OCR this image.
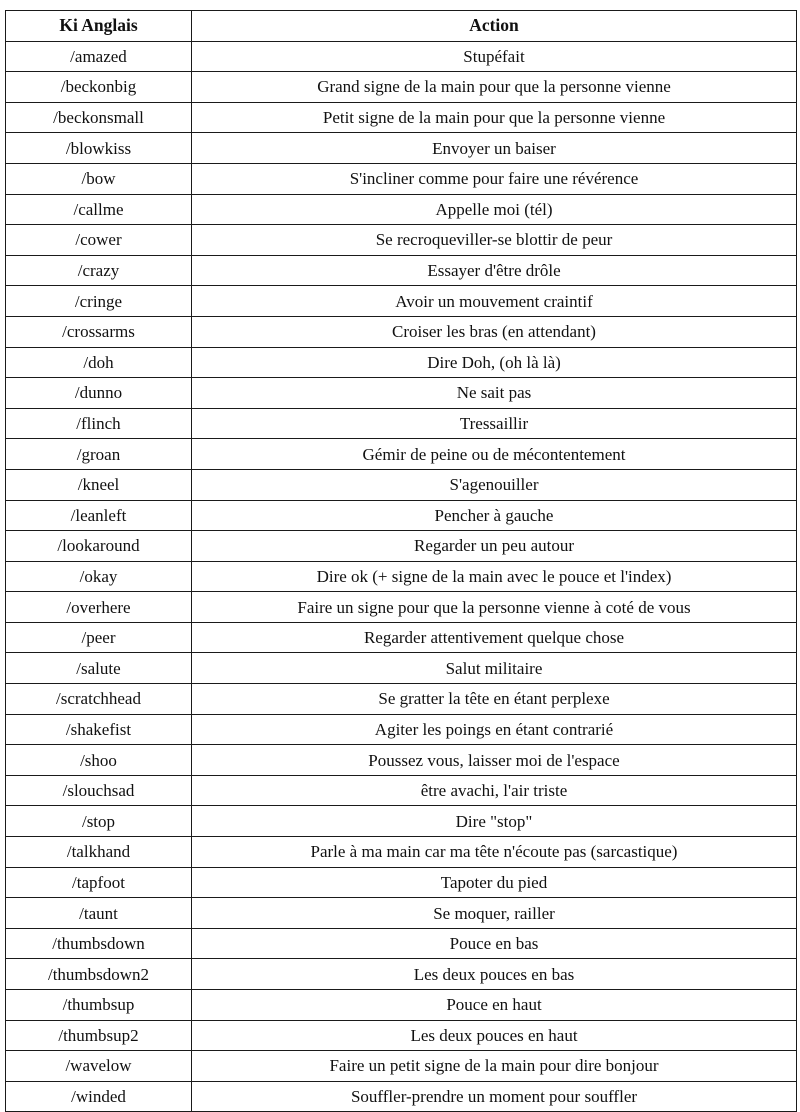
Ki Anglais	Action
/amazed	Stupéfait
/beckonbig	Grand signe de la main pour que la personne vienne
/beckonsmall	Petit signe de la main pour que la personne vienne
/blowkiss	Envoyer un baiser
/bow	S'incliner comme pour faire une révérence
/callme	Appelle moi (tél)
/cower	Se recroqueviller-se blottir de peur
/crazy	Essayer d'être drôle
/cringe	Avoir un mouvement craintif
/crossarms	Croiser les bras (en attendant)
/doh	Dire Doh, (oh là là)
/dunno	Ne sait pas
/flinch	Tressaillir
/groan	Gémir de peine ou de mécontentement
/kneel	S'agenouiller
/leanleft	Pencher à gauche
/lookaround	Regarder un peu autour
/okay	Dire ok (+ signe de la main avec le pouce et l'index)
/overhere	Faire un signe pour que la personne vienne à coté de vous
/peer	Regarder attentivement quelque chose
/salute	Salut militaire
/scratchhead	Se gratter la tête en étant perplexe
/shakefist	Agiter les poings en étant contrarié
/shoo	Poussez vous, laisser moi de l'espace
/slouchsad	être avachi, l'air triste
/stop	Dire "stop"
/talkhand	Parle à ma main car ma tête n'écoute pas (sarcastique)
/tapfoot	Tapoter du pied
/taunt	Se moquer, railler
/thumbsdown	Pouce en bas
/thumbsdown2	Les deux pouces en bas
/thumbsup	Pouce en haut
/thumbsup2	Les deux pouces en haut
/wavelow	Faire un petit signe de la main pour dire bonjour
/winded	Souffler-prendre un moment pour souffler
